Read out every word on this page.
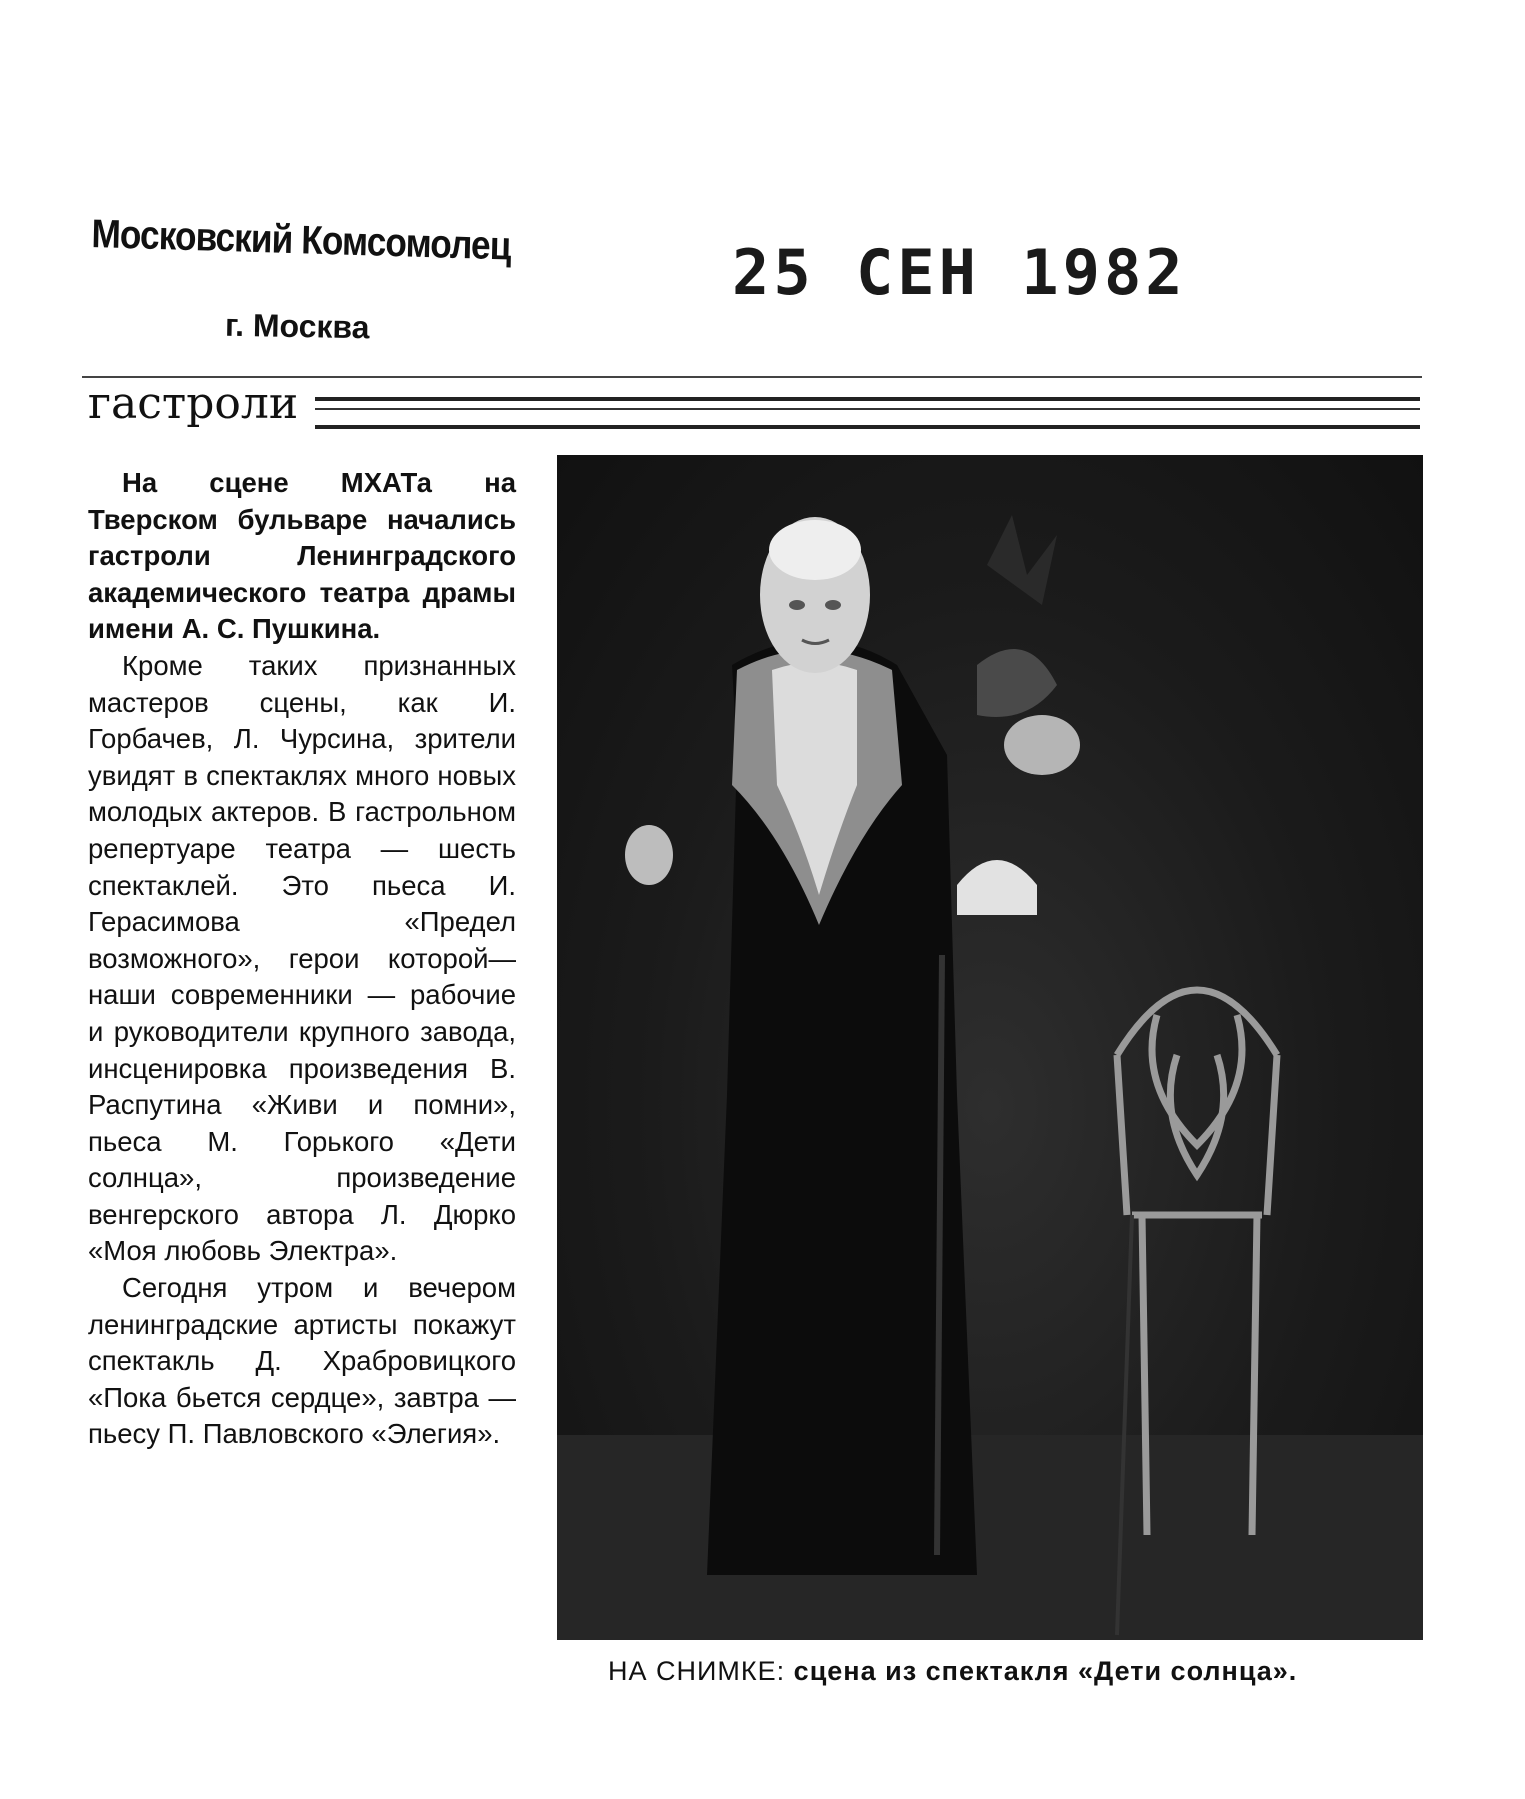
Московский Комсомолец
г. Москва
25 СЕН 1982
гастроли

На сцене МХАТа на Тверском бульваре начались гастроли Ленинградского академического театра драмы имени А. С. Пушкина.

Кроме таких признанных мастеров сцены, как И. Горбачев, Л. Чурсина, зрители увидят в спектаклях много новых молодых актеров. В гастрольном репертуаре театра — шесть спектаклей. Это пьеса И. Герасимова «Предел возможного», герои которой—наши современники — рабочие и руководители крупного завода, инсценировка произведения В. Распутина «Живи и помни», пьеса М. Горького «Дети солнца», произведение венгерского автора Л. Дюрко «Моя любовь Электра».

Сегодня утром и вечером ленинградские артисты покажут спектакль Д. Храбровицкого «Пока бьется сердце», завтра — пьесу П. Павловского «Элегия».

НА СНИМКЕ: сцена из спектакля «Дети солнца».
